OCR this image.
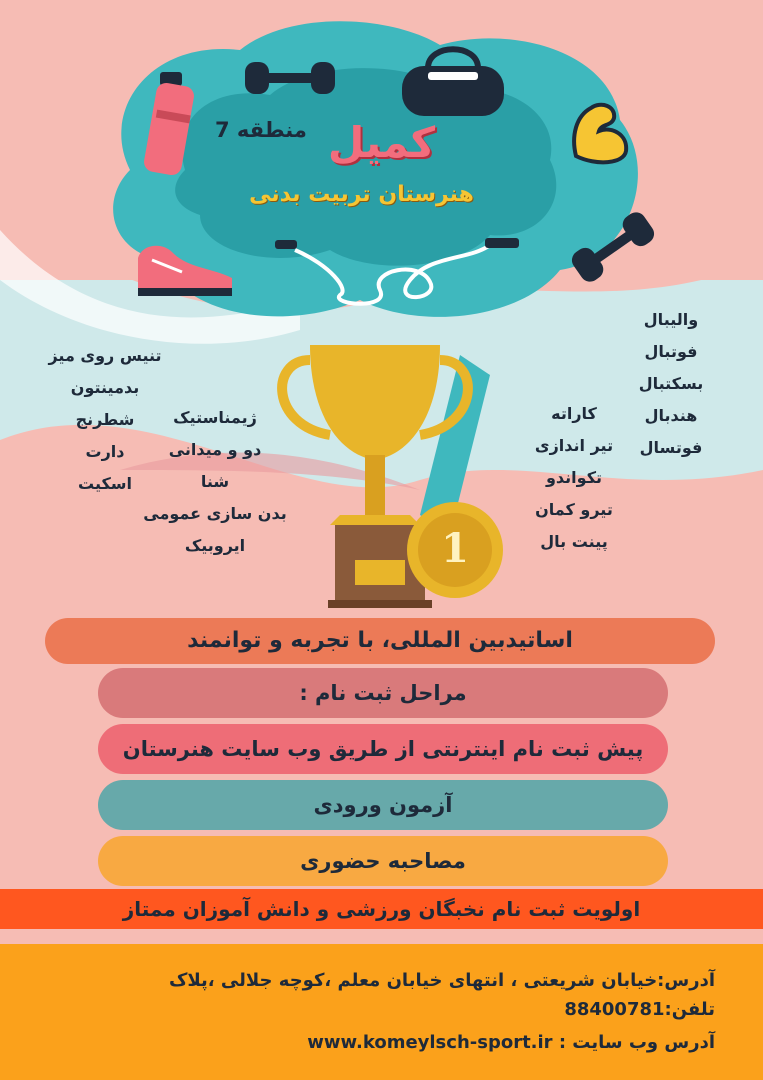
کمیل
منطقه 7
هنرستان تربیت بدنی
1
تنیس روی میز
بدمینتون
شطرنج
دارت
اسکیت
ژیمناستیک
دو و میدانی
شنا
بدن سازی عمومی
ایروبیک
کاراته
تیر اندازی
تکواندو
تیرو کمان
پینت بال
والیبال
فوتبال
بسکتبال
هندبال
فوتسال
اساتیدبین المللی، با تجربه و توانمند
مراحل ثبت نام :
پیش ثبت نام اینترنتی از طریق وب سایت هنرستان
آزمون ورودی
مصاحبه حضوری
اولویت ثبت نام نخبگان ورزشی و دانش آموزان ممتاز
آدرس:خیابان شریعتی ، انتهای خیابان معلم ،کوچه جلالی ،پلاک
تلفن:88400781
آدرس وب سایت : www.komeylsch-sport.ir
